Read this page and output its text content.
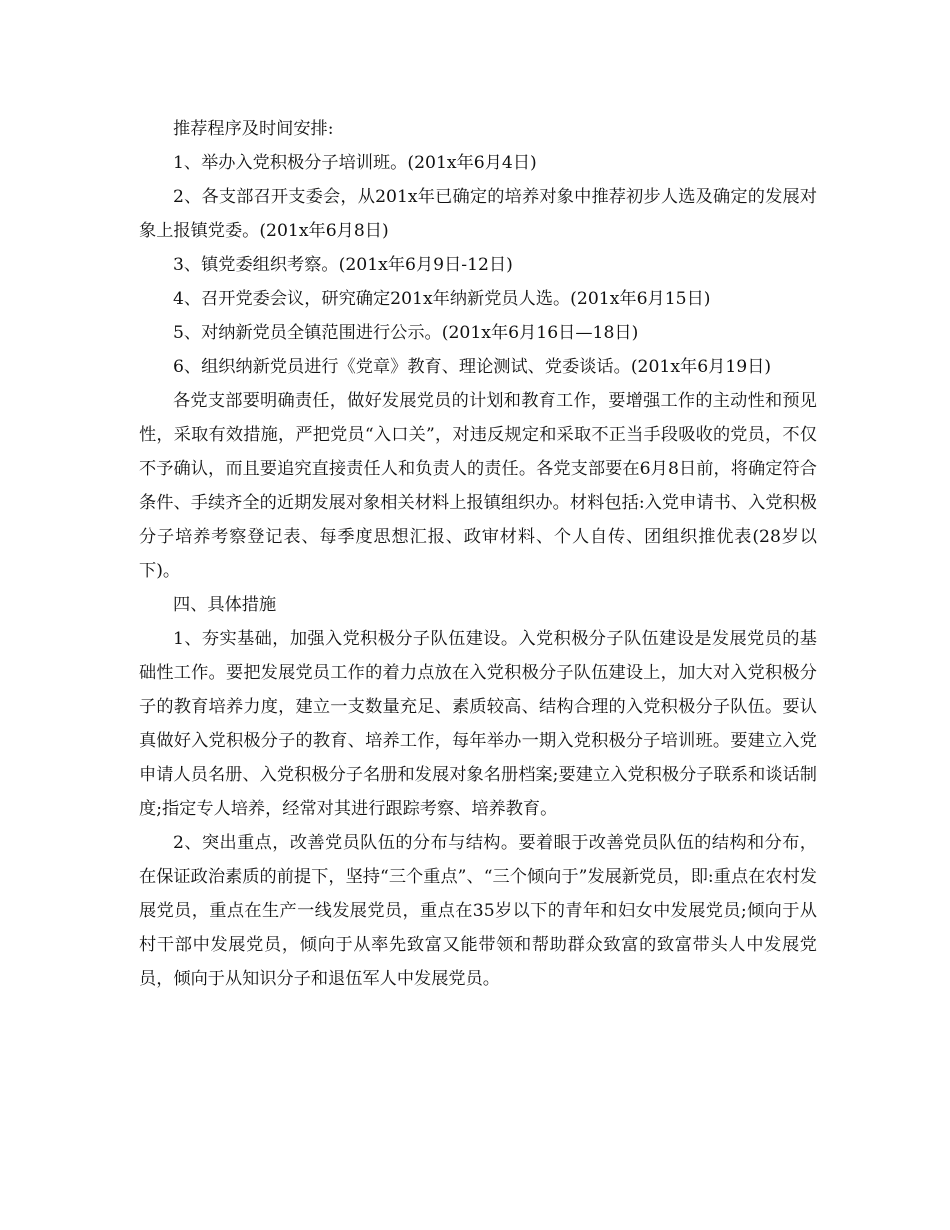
推荐程序及时间安排:

1、举办入党积极分子培训班。(201x年6月4日)

2、各支部召开支委会，从201x年已确定的培养对象中推荐初步人选及确定的发展对象上报镇党委。(201x年6月8日)

3、镇党委组织考察。(201x年6月9日-12日)

4、召开党委会议，研究确定201x年纳新党员人选。(201x年6月15日)

5、对纳新党员全镇范围进行公示。(201x年6月16日—18日)

6、组织纳新党员进行《党章》教育、理论测试、党委谈话。(201x年6月19日)

各党支部要明确责任，做好发展党员的计划和教育工作，要增强工作的主动性和预见性，采取有效措施，严把党员“入口关”，对违反规定和采取不正当手段吸收的党员，不仅不予确认，而且要追究直接责任人和负责人的责任。各党支部要在6月8日前，将确定符合条件、手续齐全的近期发展对象相关材料上报镇组织办。材料包括:入党申请书、入党积极分子培养考察登记表、每季度思想汇报、政审材料、个人自传、团组织推优表(28岁以下)。

四、具体措施

1、夯实基础，加强入党积极分子队伍建设。入党积极分子队伍建设是发展党员的基础性工作。要把发展党员工作的着力点放在入党积极分子队伍建设上，加大对入党积极分子的教育培养力度，建立一支数量充足、素质较高、结构合理的入党积极分子队伍。要认真做好入党积极分子的教育、培养工作，每年举办一期入党积极分子培训班。要建立入党申请人员名册、入党积极分子名册和发展对象名册档案;要建立入党积极分子联系和谈话制度;指定专人培养，经常对其进行跟踪考察、培养教育。

2、突出重点，改善党员队伍的分布与结构。要着眼于改善党员队伍的结构和分布，在保证政治素质的前提下，坚持“三个重点”、“三个倾向于”发展新党员，即:重点在农村发展党员，重点在生产一线发展党员，重点在35岁以下的青年和妇女中发展党员;倾向于从村干部中发展党员，倾向于从率先致富又能带领和帮助群众致富的致富带头人中发展党员，倾向于从知识分子和退伍军人中发展党员。
